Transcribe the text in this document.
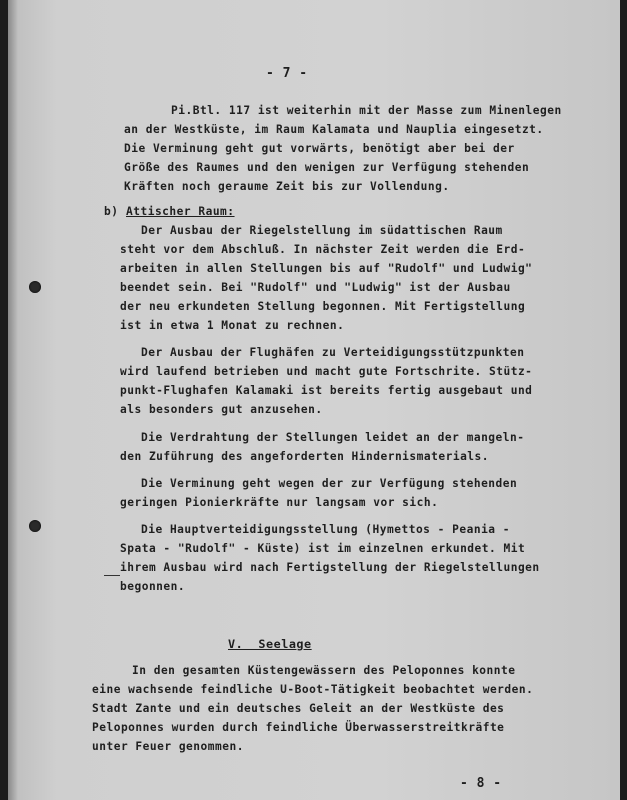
- 7 -
Pi.Btl. 117 ist weiterhin mit der Masse zum Minenlegen
an der Westküste, im Raum Kalamata und Nauplia eingesetzt.
Die Verminung geht gut vorwärts, benötigt aber bei der
Größe des Raumes und den wenigen zur Verfügung stehenden
Kräften noch geraume Zeit bis zur Vollendung.
b) Attischer Raum:
Der Ausbau der Riegelstellung im südattischen Raum
steht vor dem Abschluß. In nächster Zeit werden die Erd-
arbeiten in allen Stellungen bis auf "Rudolf" und Ludwig"
beendet sein. Bei "Rudolf" und "Ludwig" ist der Ausbau
der neu erkundeten Stellung begonnen. Mit Fertigstellung
ist in etwa 1 Monat zu rechnen.
Der Ausbau der Flughäfen zu Verteidigungsstützpunkten
wird laufend betrieben und macht gute Fortschrite. Stütz-
punkt-Flughafen Kalamaki ist bereits fertig ausgebaut und
als besonders gut anzusehen.
Die Verdrahtung der Stellungen leidet an der mangeln-
den Zuführung des angeforderten Hindernismaterials.
Die Verminung geht wegen der zur Verfügung stehenden
geringen Pionierkräfte nur langsam vor sich.
Die Hauptverteidigungsstellung (Hymettos - Peania -
Spata - "Rudolf" - Küste) ist im einzelnen erkundet. Mit
ihrem Ausbau wird nach Fertigstellung der Riegelstellungen
begonnen.
V.  Seelage
In den gesamten Küstengewässern des Peloponnes konnte
eine wachsende feindliche U-Boot-Tätigkeit beobachtet werden.
Stadt Zante und ein deutsches Geleit an der Westküste des
Peloponnes wurden durch feindliche Überwasserstreitkräfte
unter Feuer genommen.
- 8 -
